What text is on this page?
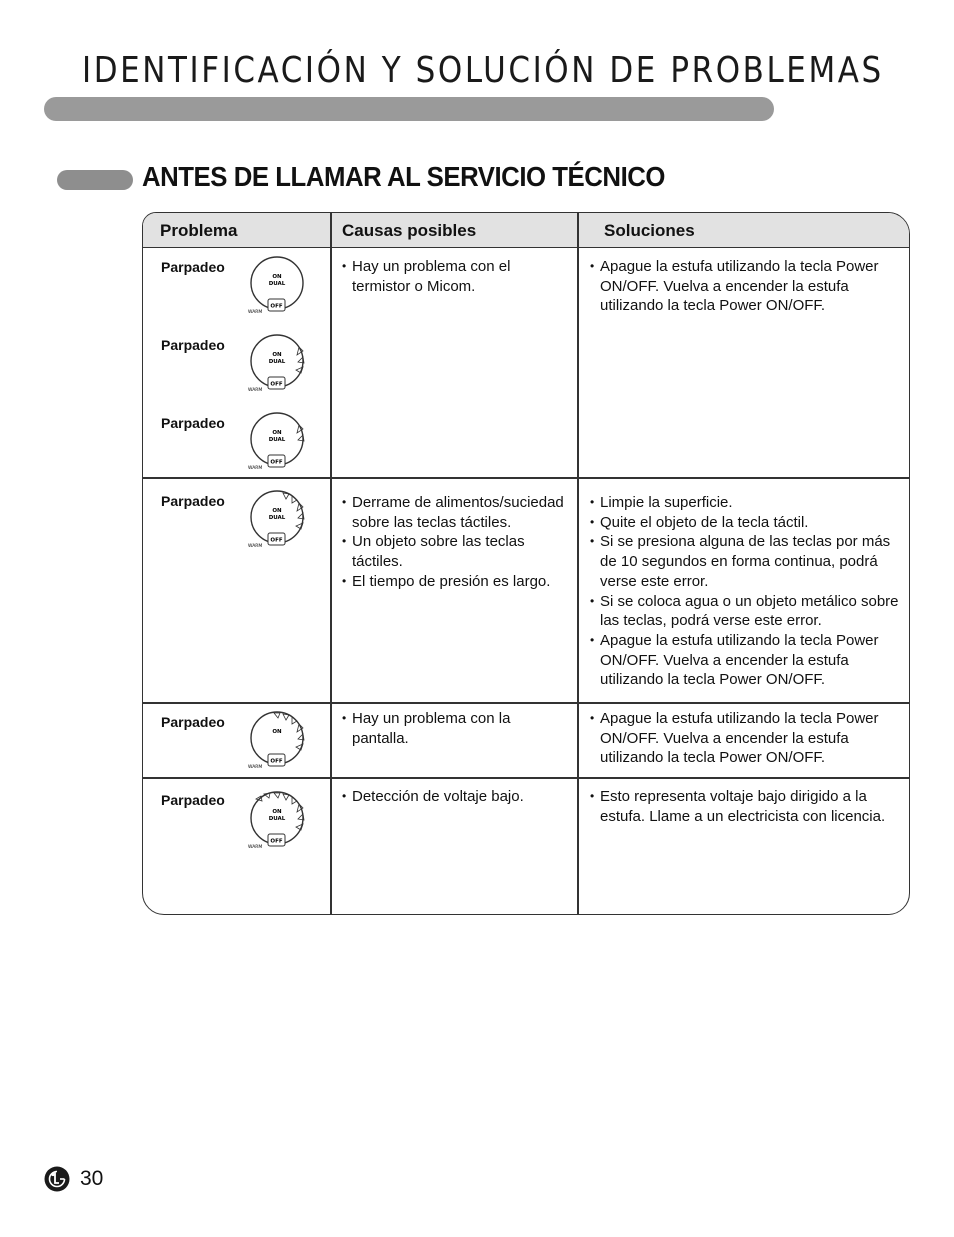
IDENTIFICACIÓN Y SOLUCIÓN DE PROBLEMAS
ANTES DE LLAMAR AL SERVICIO TÉCNICO
Problema	Causas posibles	Soluciones
Parpadeo
Parpadeo
Parpadeo
ON
DUAL
OFF
WARM
ON
DUAL
OFF
WARM
ON
DUAL
OFF
WARM
• Hay un problema con el termistor o Micom.
• Apague la estufa utilizando la tecla Power ON/OFF. Vuelva a encender la estufa utilizando la tecla Power ON/OFF.
Parpadeo
ON
DUAL
OFF
WARM
• Derrame de alimentos/suciedad sobre las teclas táctiles.
• Un objeto sobre las teclas táctiles.
• El tiempo de presión es largo.
• Limpie la superficie.
• Quite el objeto de la tecla táctil.
• Si se presiona alguna de las teclas por más de 10 segundos en forma continua, podrá verse este error.
• Si se coloca agua o un objeto metálico sobre las teclas, podrá verse este error.
• Apague la estufa utilizando la tecla Power ON/OFF. Vuelva a encender la estufa utilizando la tecla Power ON/OFF.
Parpadeo
ON
OFF
WARM
• Hay un problema con la pantalla.
• Apague la estufa utilizando la tecla Power ON/OFF. Vuelva a encender la estufa utilizando la tecla Power ON/OFF.
Parpadeo
ON
DUAL
OFF
WARM
• Detección de voltaje bajo.
•	Esto representa voltaje bajo dirigido a la estufa. Llame a un electricista con licencia.
30
